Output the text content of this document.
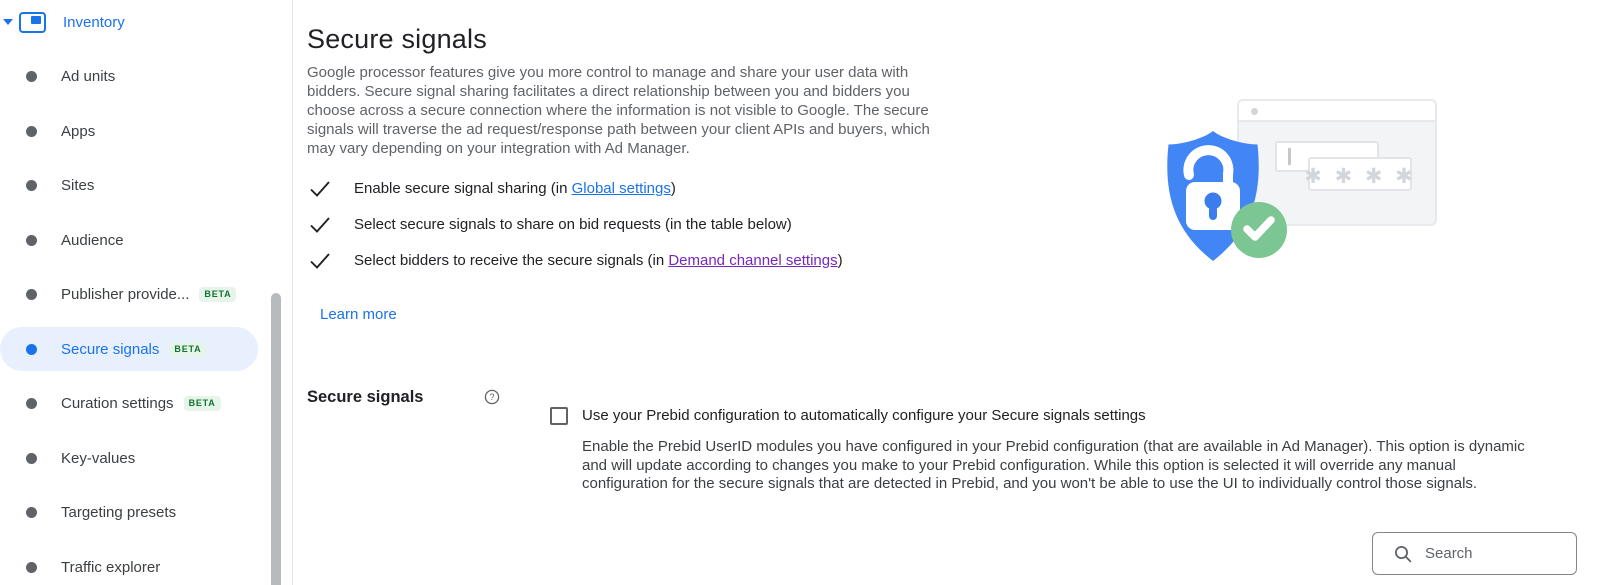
Inventory
Ad units
Apps
Sites
Audience
Publisher provide...	BETA
Secure signals	BETA
Curation settings	BETA
Key-values
Targeting presets
Traffic explorer
Secure signals

Google processor features give you more control to manage and share your user data with bidders. Secure signal sharing facilitates a direct relationship between you and bidders you choose across a secure connection where the information is not visible to Google. The secure signals will traverse the ad request/response path between your client APIs and buyers, which may vary depending on your integration with Ad Manager.

Enable secure signal sharing (in Global settings)
Select secure signals to share on bid requests (in the table below)
Select bidders to receive the secure signals (in Demand channel settings)
Learn more
Secure signals	?
Use your Prebid configuration to automatically configure your Secure signals settings
Enable the Prebid UserID modules you have configured in your Prebid configuration (that are available in Ad Manager). This option is dynamic and will update according to changes you make to your Prebid configuration. While this option is selected it will override any manual configuration for the secure signals that are detected in Prebid, and you won't be able to use the UI to individually control those signals.
Search
✱ ✱ ✱ ✱
